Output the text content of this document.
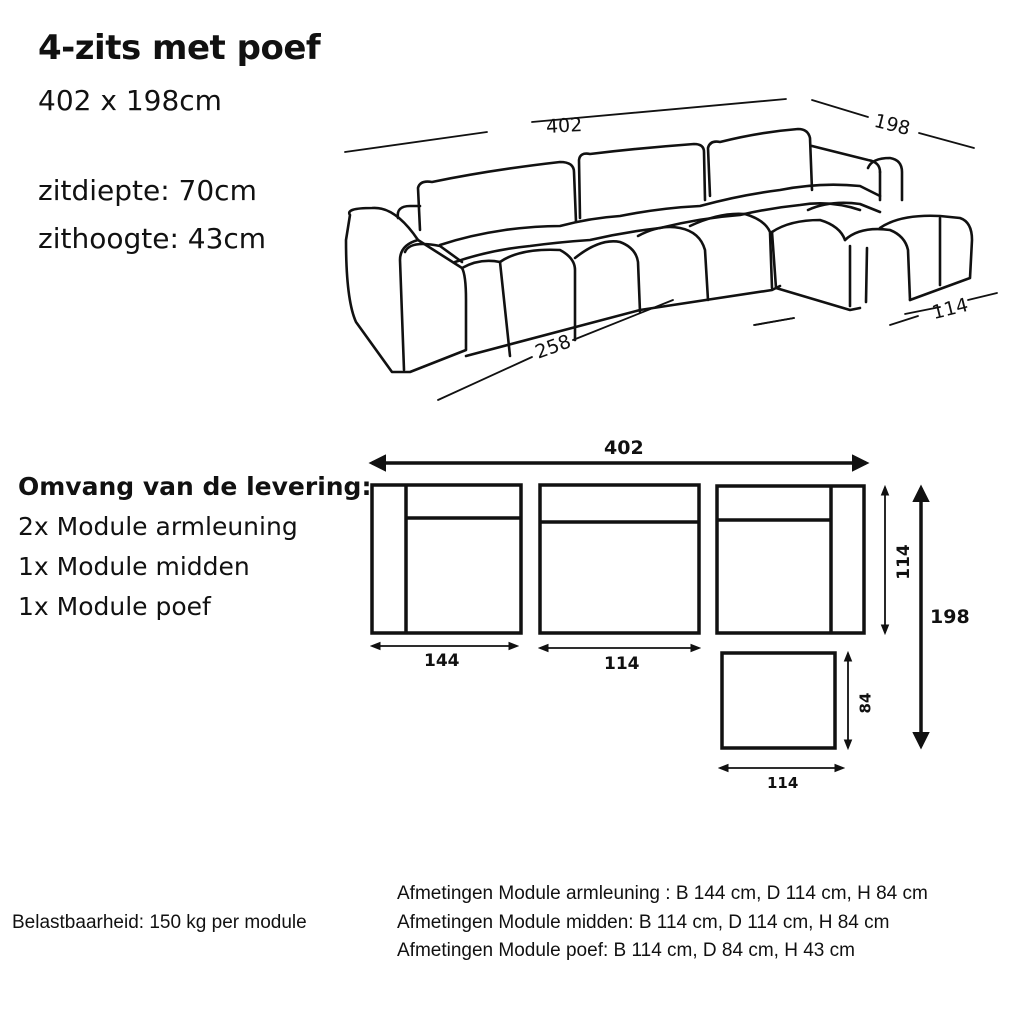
4-zits met poef
402 x 198cm
zitdiepte: 70cm
zithoogte: 43cm
402	198
258
114
Omvang van de levering:
2x Module armleuning
1x Module midden
1x Module poef
402
144	114
114
84
114
198
Belastbaarheid: 150 kg per module
Afmetingen Module armleuning : B 144 cm, D 114 cm, H 84 cm
Afmetingen Module midden: B 114 cm, D 114 cm, H 84 cm
Afmetingen Module poef: B 114 cm, D 84 cm, H 43 cm
